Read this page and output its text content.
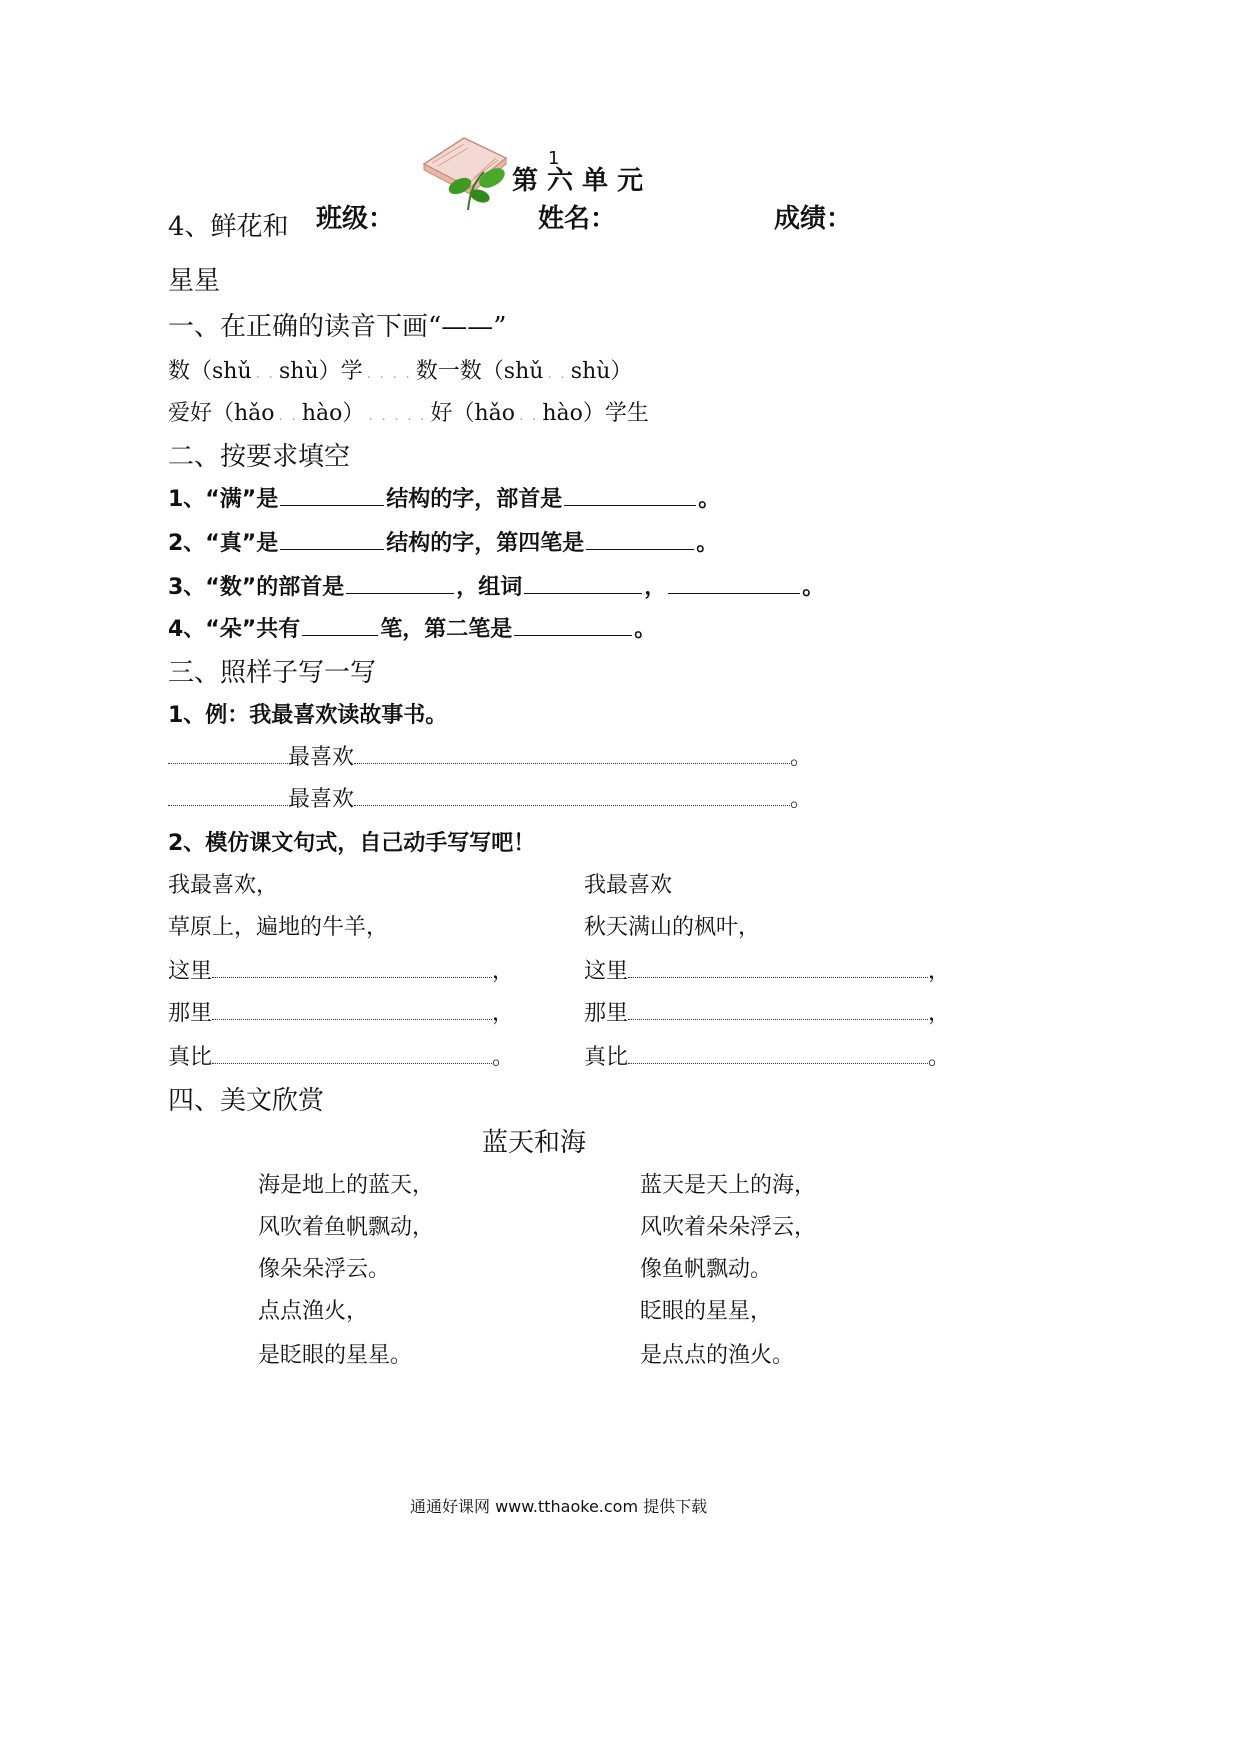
第 六 单 元
1
4、鲜花和 班级：	姓名：	成绩：
星星
一、在正确的读音下画“——”
数（shǔ . . shù）学 . . . . 数一数（shǔ . . shù）
爱好（hǎo . . hào） . . . . . 好（hǎo . . hào）学生
二、按要求填空
1、“满”是	结构的字，部首是	。
2、“真”是	结构的字，第四笔是	。
3、“数”的部首是	，组词	，	。
4、“朵”共有	笔，第二笔是	。
三、照样子写一写
1、例：我最喜欢读故事书。
最喜欢	。
最喜欢	。
2、模仿课文句式，自己动手写写吧！
我最喜欢，	我最喜欢
草原上，遍地的牛羊，	秋天满山的枫叶，
这里	，	这里	，
那里	，	那里	，
真比	。	真比	。
四、美文欣赏
蓝天和海
海是地上的蓝天，
风吹着鱼帆飘动，
像朵朵浮云。
点点渔火，
是眨眼的星星。
蓝天是天上的海，
风吹着朵朵浮云，
像鱼帆飘动。
眨眼的星星，
是点点的渔火。
通通好课网 www.tthaoke.com 提供下载
